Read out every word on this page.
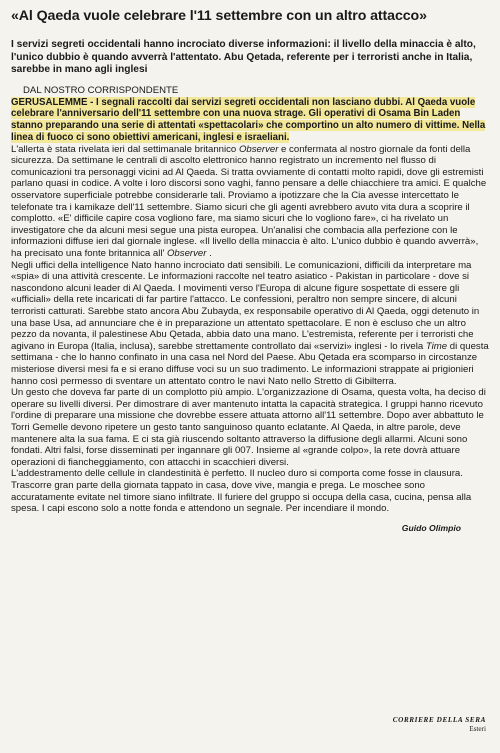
«Al Qaeda vuole celebrare l'11 settembre con un altro attacco»

I servizi segreti occidentali hanno incrociato diverse informazioni: il livello della minaccia è alto, l'unico dubbio è quando avverrà l'attentato. Abu Qetada, referente per i terroristi anche in Italia, sarebbe in mano agli inglesi

DAL NOSTRO CORRISPONDENTE

GERUSALEMME - I segnali raccolti dai servizi segreti occidentali non lasciano dubbi. Al Qaeda vuole celebrare l'anniversario dell'11 settembre con una nuova strage. Gli operativi di Osama Bin Laden stanno preparando una serie di attentati «spettacolari» che comportino un alto numero di vittime. Nella linea di fuoco ci sono obiettivi americani, inglesi e israeliani.

L'allerta è stata rivelata ieri dal settimanale britannico Observer e confermata al nostro giornale da fonti della sicurezza. Da settimane le centrali di ascolto elettronico hanno registrato un incremento nel flusso di comunicazioni tra personaggi vicini ad Al Qaeda. Si tratta ovviamente di contatti molto rapidi, dove gli estremisti parlano quasi in codice. A volte i loro discorsi sono vaghi, fanno pensare a delle chiacchiere tra amici. E qualche osservatore superficiale potrebbe considerarle tali. Proviamo a ipotizzare che la Cia avesse intercettato le telefonate tra i kamikaze dell'11 settembre. Siamo sicuri che gli agenti avrebbero avuto vita dura a scoprire il complotto. «E' difficile capire cosa vogliono fare, ma siamo sicuri che lo vogliono fare», ci ha rivelato un investigatore che da alcuni mesi segue una pista europea. Un'analisi che combacia alla perfezione con le informazioni diffuse ieri dal giornale inglese. «Il livello della minaccia è alto. L'unico dubbio è quando avverrà», ha precisato una fonte britannica all' Observer .

Negli uffici della intelligence Nato hanno incrociato dati sensibili. Le comunicazioni, difficili da interpretare ma «spia» di una attività crescente. Le informazioni raccolte nel teatro asiatico - Pakistan in particolare - dove si nascondono alcuni leader di Al Qaeda. I movimenti verso l'Europa di alcune figure sospettate di essere gli «ufficiali» della rete incaricati di far partire l'attacco. Le confessioni, peraltro non sempre sincere, di alcuni terroristi catturati. Sarebbe stato ancora Abu Zubayda, ex responsabile operativo di Al Qaeda, oggi detenuto in una base Usa, ad annunciare che è in preparazione un attentato spettacolare. E non è escluso che un altro pezzo da novanta, il palestinese Abu Qetada, abbia dato una mano. L'estremista, referente per i terroristi che agivano in Europa (Italia, inclusa), sarebbe strettamente controllato dai «servizi» inglesi - lo rivela Time di questa settimana - che lo hanno confinato in una casa nel Nord del Paese. Abu Qetada era scomparso in circostanze misteriose diversi mesi fa e si erano diffuse voci su un suo tradimento. Le informazioni strappate ai prigionieri hanno così permesso di sventare un attentato contro le navi Nato nello Stretto di Gibilterra.

Un gesto che doveva far parte di un complotto più ampio. L'organizzazione di Osama, questa volta, ha deciso di operare su livelli diversi. Per dimostrare di aver mantenuto intatta la capacità strategica. I gruppi hanno ricevuto l'ordine di preparare una missione che dovrebbe essere attuata attorno all'11 settembre. Dopo aver abbattuto le Torri Gemelle devono ripetere un gesto tanto sanguinoso quanto eclatante. Al Qaeda, in altre parole, deve mantenere alta la sua fama. E ci sta già riuscendo soltanto attraverso la diffusione degli allarmi. Alcuni sono fondati. Altri falsi, forse disseminati per ingannare gli 007. Insieme al «grande colpo», la rete dovrà attuare operazioni di fiancheggiamento, con attacchi in scacchieri diversi.

L'addestramento delle cellule in clandestinità è perfetto. Il nucleo duro si comporta come fosse in clausura. Trascorre gran parte della giornata tappato in casa, dove vive, mangia e prega. Le moschee sono accuratamente evitate nel timore siano infiltrate. Il furiere del gruppo si occupa della casa, cucina, pensa alla spesa. I capi escono solo a notte fonda e attendono un segnale. Per incendiare il mondo.

Guido Olimpio
CORRIERE DELLA SERA
Esteri
